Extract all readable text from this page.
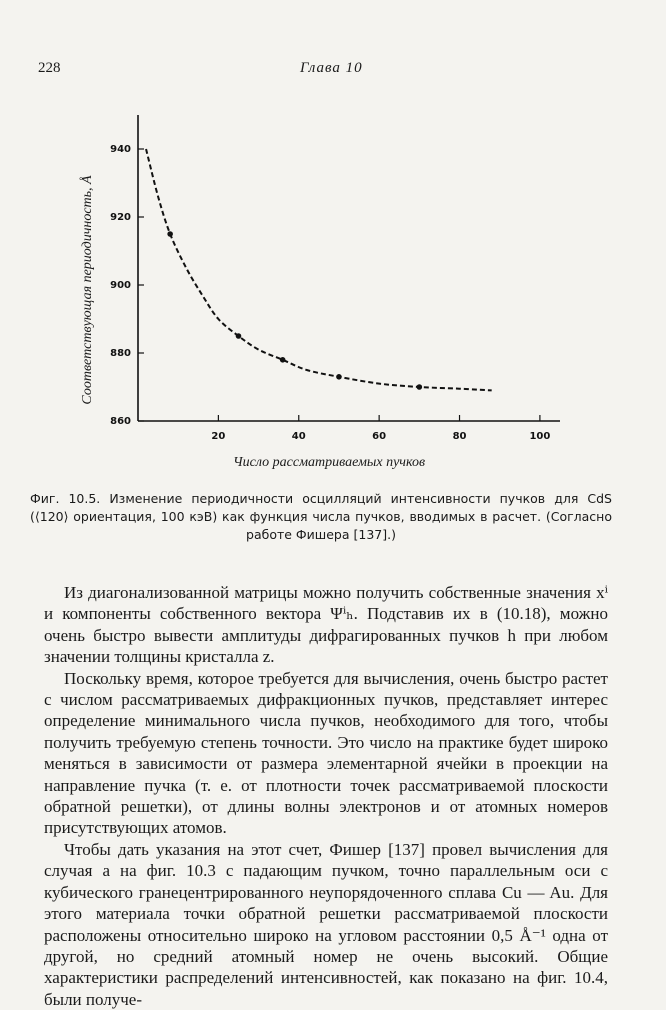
228	Глава 10
860
880
900
920
940
20	40	60	80	100
Соответствующая периодичность, Å
Число рассматриваемых пучков
Фиг. 10.5. Изменение периодичности осцилляций интенсивности пучков для CdS (⟨120⟩ ориентация, 100 кэВ) как функция числа пучков, вводимых в расчет. (Согласно работе Фишера [137].)

Из диагонализованной матрицы можно получить собственные значения xⁱ и компоненты собственного вектора Ψⁱₕ. Подставив их в (10.18), можно очень быстро вывести амплитуды дифрагированных пучков h при любом значении толщины кристалла z.

Поскольку время, которое требуется для вычисления, очень быстро растет с числом рассматриваемых дифракционных пучков, представляет интерес определение минимального числа пучков, необходимого для того, чтобы получить требуемую степень точности. Это число на практике будет широко меняться в зависимости от размера элементарной ячейки в проекции на направление пучка (т. е. от плотности точек рассматриваемой плоскости обратной решетки), от длины волны электронов и от атомных номеров присутствующих атомов.

Чтобы дать указания на этот счет, Фишер [137] провел вычисления для случая a на фиг. 10.3 с падающим пучком, точно параллельным оси c кубического гранецентрированного неупорядоченного сплава Cu — Au. Для этого материала точки обратной решетки рассматриваемой плоскости расположены относительно широко на угловом расстоянии 0,5 Å⁻¹ одна от другой, но средний атомный номер не очень высокий. Общие характеристики распределений интенсивностей, как показано на фиг. 10.4, были получе-
